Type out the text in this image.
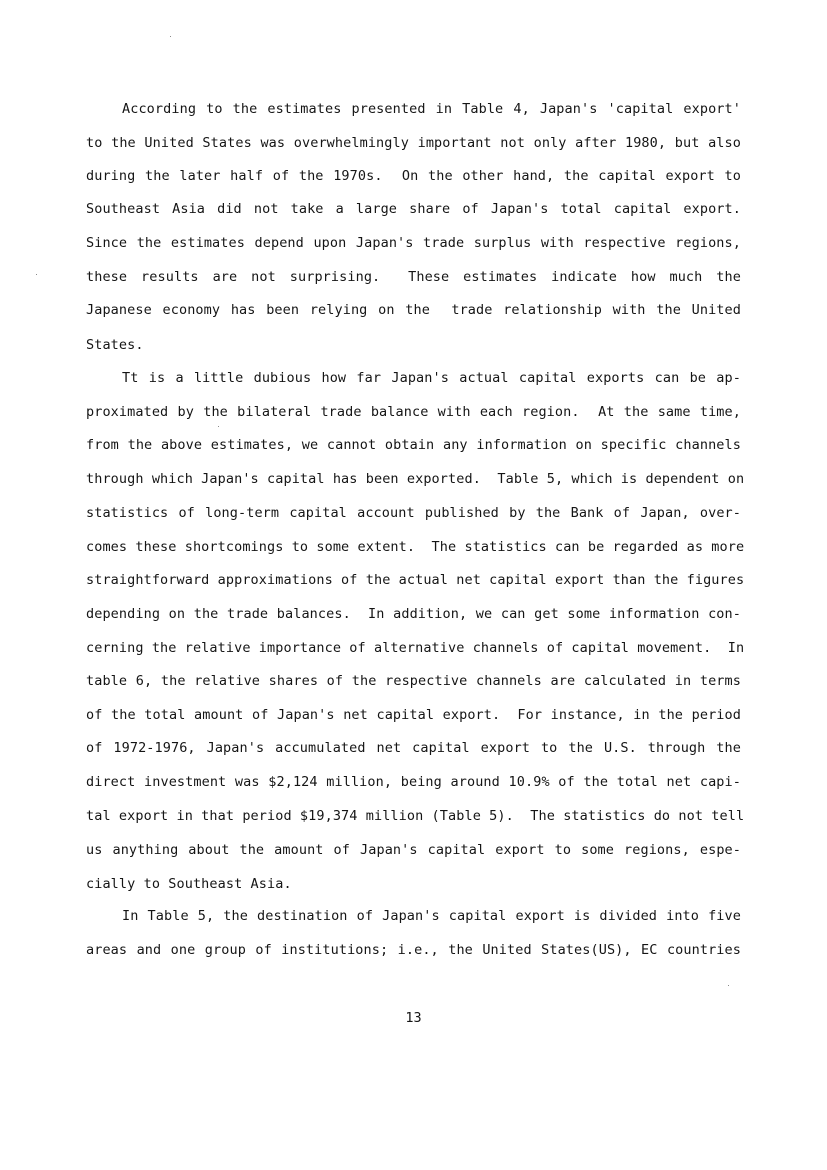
According to the estimates presented in Table 4, Japan's 'capital export'
to the United States was overwhelmingly important not only after 1980, but also
during the later half of the 1970s.  On the other hand, the capital export to
Southeast Asia did not take a large share of Japan's total capital export.
Since the estimates depend upon Japan's trade surplus with respective regions,
these results are not surprising.  These estimates indicate how much the
Japanese economy has been relying on the  trade relationship with the United
States.
Tt is a little dubious how far Japan's actual capital exports can be ap-
proximated by the bilateral trade balance with each region.  At the same time,
from the above estimates, we cannot obtain any information on specific channels
through which Japan's capital has been exported.  Table 5, which is dependent on
statistics of long-term capital account published by the Bank of Japan, over-
comes these shortcomings to some extent.  The statistics can be regarded as more
straightforward approximations of the actual net capital export than the figures
depending on the trade balances.  In addition, we can get some information con-
cerning the relative importance of alternative channels of capital movement.  In
table 6, the relative shares of the respective channels are calculated in terms
of the total amount of Japan's net capital export.  For instance, in the period
of 1972-1976, Japan's accumulated net capital export to the U.S. through the
direct investment was $2,124 million, being around 10.9% of the total net capi-
tal export in that period $19,374 million (Table 5).  The statistics do not tell
us anything about the amount of Japan's capital export to some regions, espe-
cially to Southeast Asia.
In Table 5, the destination of Japan's capital export is divided into five
areas and one group of institutions; i.e., the United States(US), EC countries
13
